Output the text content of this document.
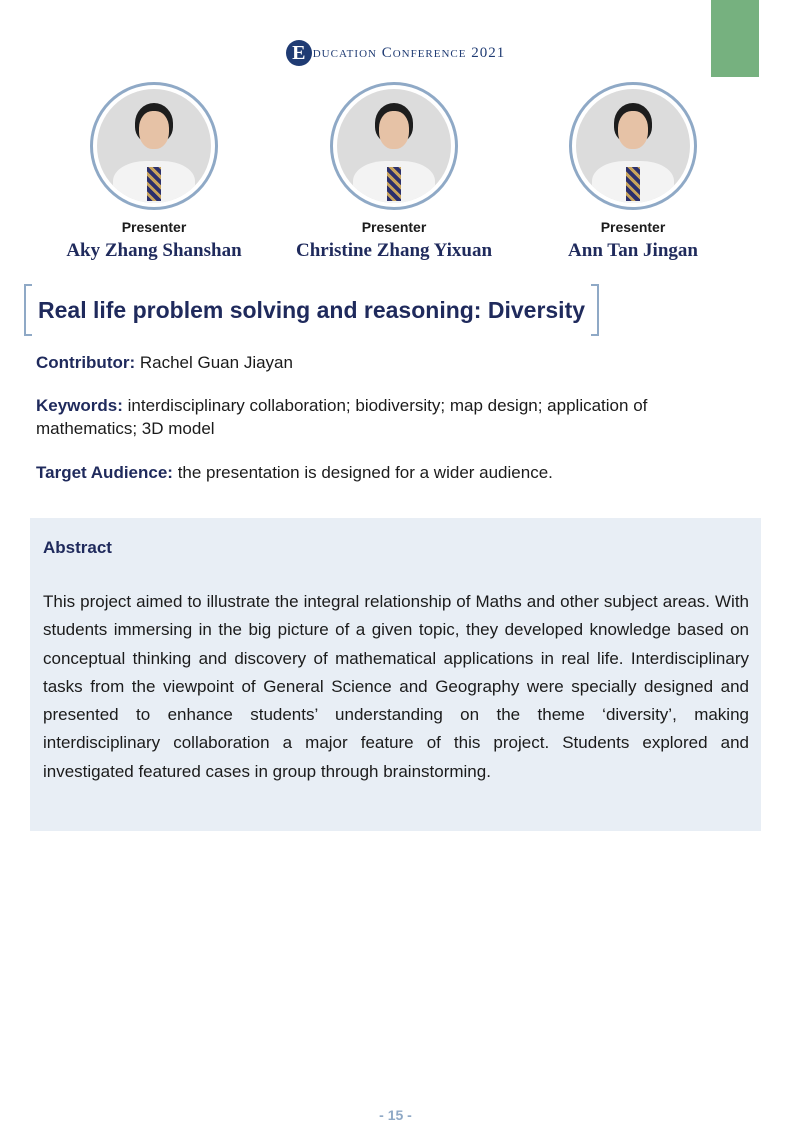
E ducation Conference 2021
Presenter
Aky Zhang Shanshan
Presenter
Christine Zhang Yixuan
Presenter
Ann Tan Jingan
Real life problem solving and reasoning: Diversity
Contributor: Rachel Guan Jiayan
Keywords: interdisciplinary collaboration; biodiversity; map design; application of mathematics; 3D model
Target Audience: the presentation is designed for a wider audience.
Abstract
This project aimed to illustrate the integral relationship of Maths and other subject areas. With students immersing in the big picture of a given topic, they developed knowledge based on conceptual thinking and discovery of mathematical applications in real life. Interdisciplinary tasks from the viewpoint of General Science and Geography were specially designed and presented to enhance students’ understanding on the theme ‘diversity’, making interdisciplinary collaboration a major feature of this project. Students explored and investigated featured cases in group through brainstorming.
- 15 -
